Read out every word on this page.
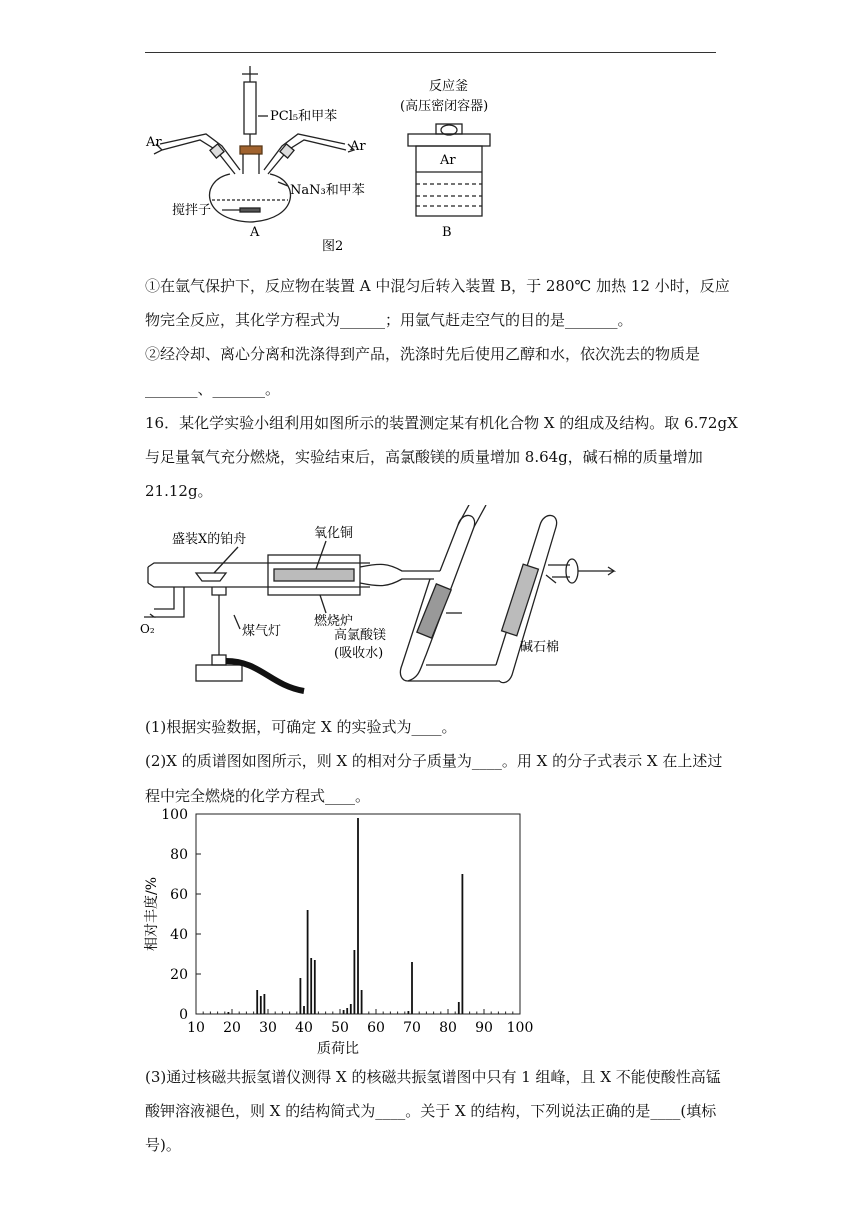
Ar	Ar
PCl₅和甲苯
NaN₃和甲苯
搅拌子
A
反应釜
(高压密闭容器)
Ar
B
图2
①在氩气保护下，反应物在装置 A 中混匀后转入装置 B，于 280℃ 加热 12 小时，反应
物完全反应，其化学方程式为______；用氩气赶走空气的目的是_______。
②经冷却、离心分离和洗涤得到产品，洗涤时先后使用乙醇和水，依次洗去的物质是
_______、_______。
16．某化学实验小组利用如图所示的装置测定某有机化合物 X 的组成及结构。取 6.72gX
与足量氧气充分燃烧，实验结束后，高氯酸镁的质量增加 8.64g，碱石棉的质量增加
21.12g。
盛装X的铂舟	氧化铜
燃烧炉
O₂	煤气灯	高氯酸镁
(吸收水)	碱石棉
(1)根据实验数据，可确定 X 的实验式为____。
(2)X 的质谱图如图所示，则 X 的相对分子质量为____。用 X 的分子式表示 X 在上述过
程中完全燃烧的化学方程式____。
10 20 30 40 50 60 70 80 90 100
0
20
40
60
80
100
质荷比
相对丰度/%
(3)通过核磁共振氢谱仪测得 X 的核磁共振氢谱图中只有 1 组峰，且 X 不能使酸性高锰
酸钾溶液褪色，则 X 的结构简式为____。关于 X 的结构，下列说法正确的是____(填标
号)。
